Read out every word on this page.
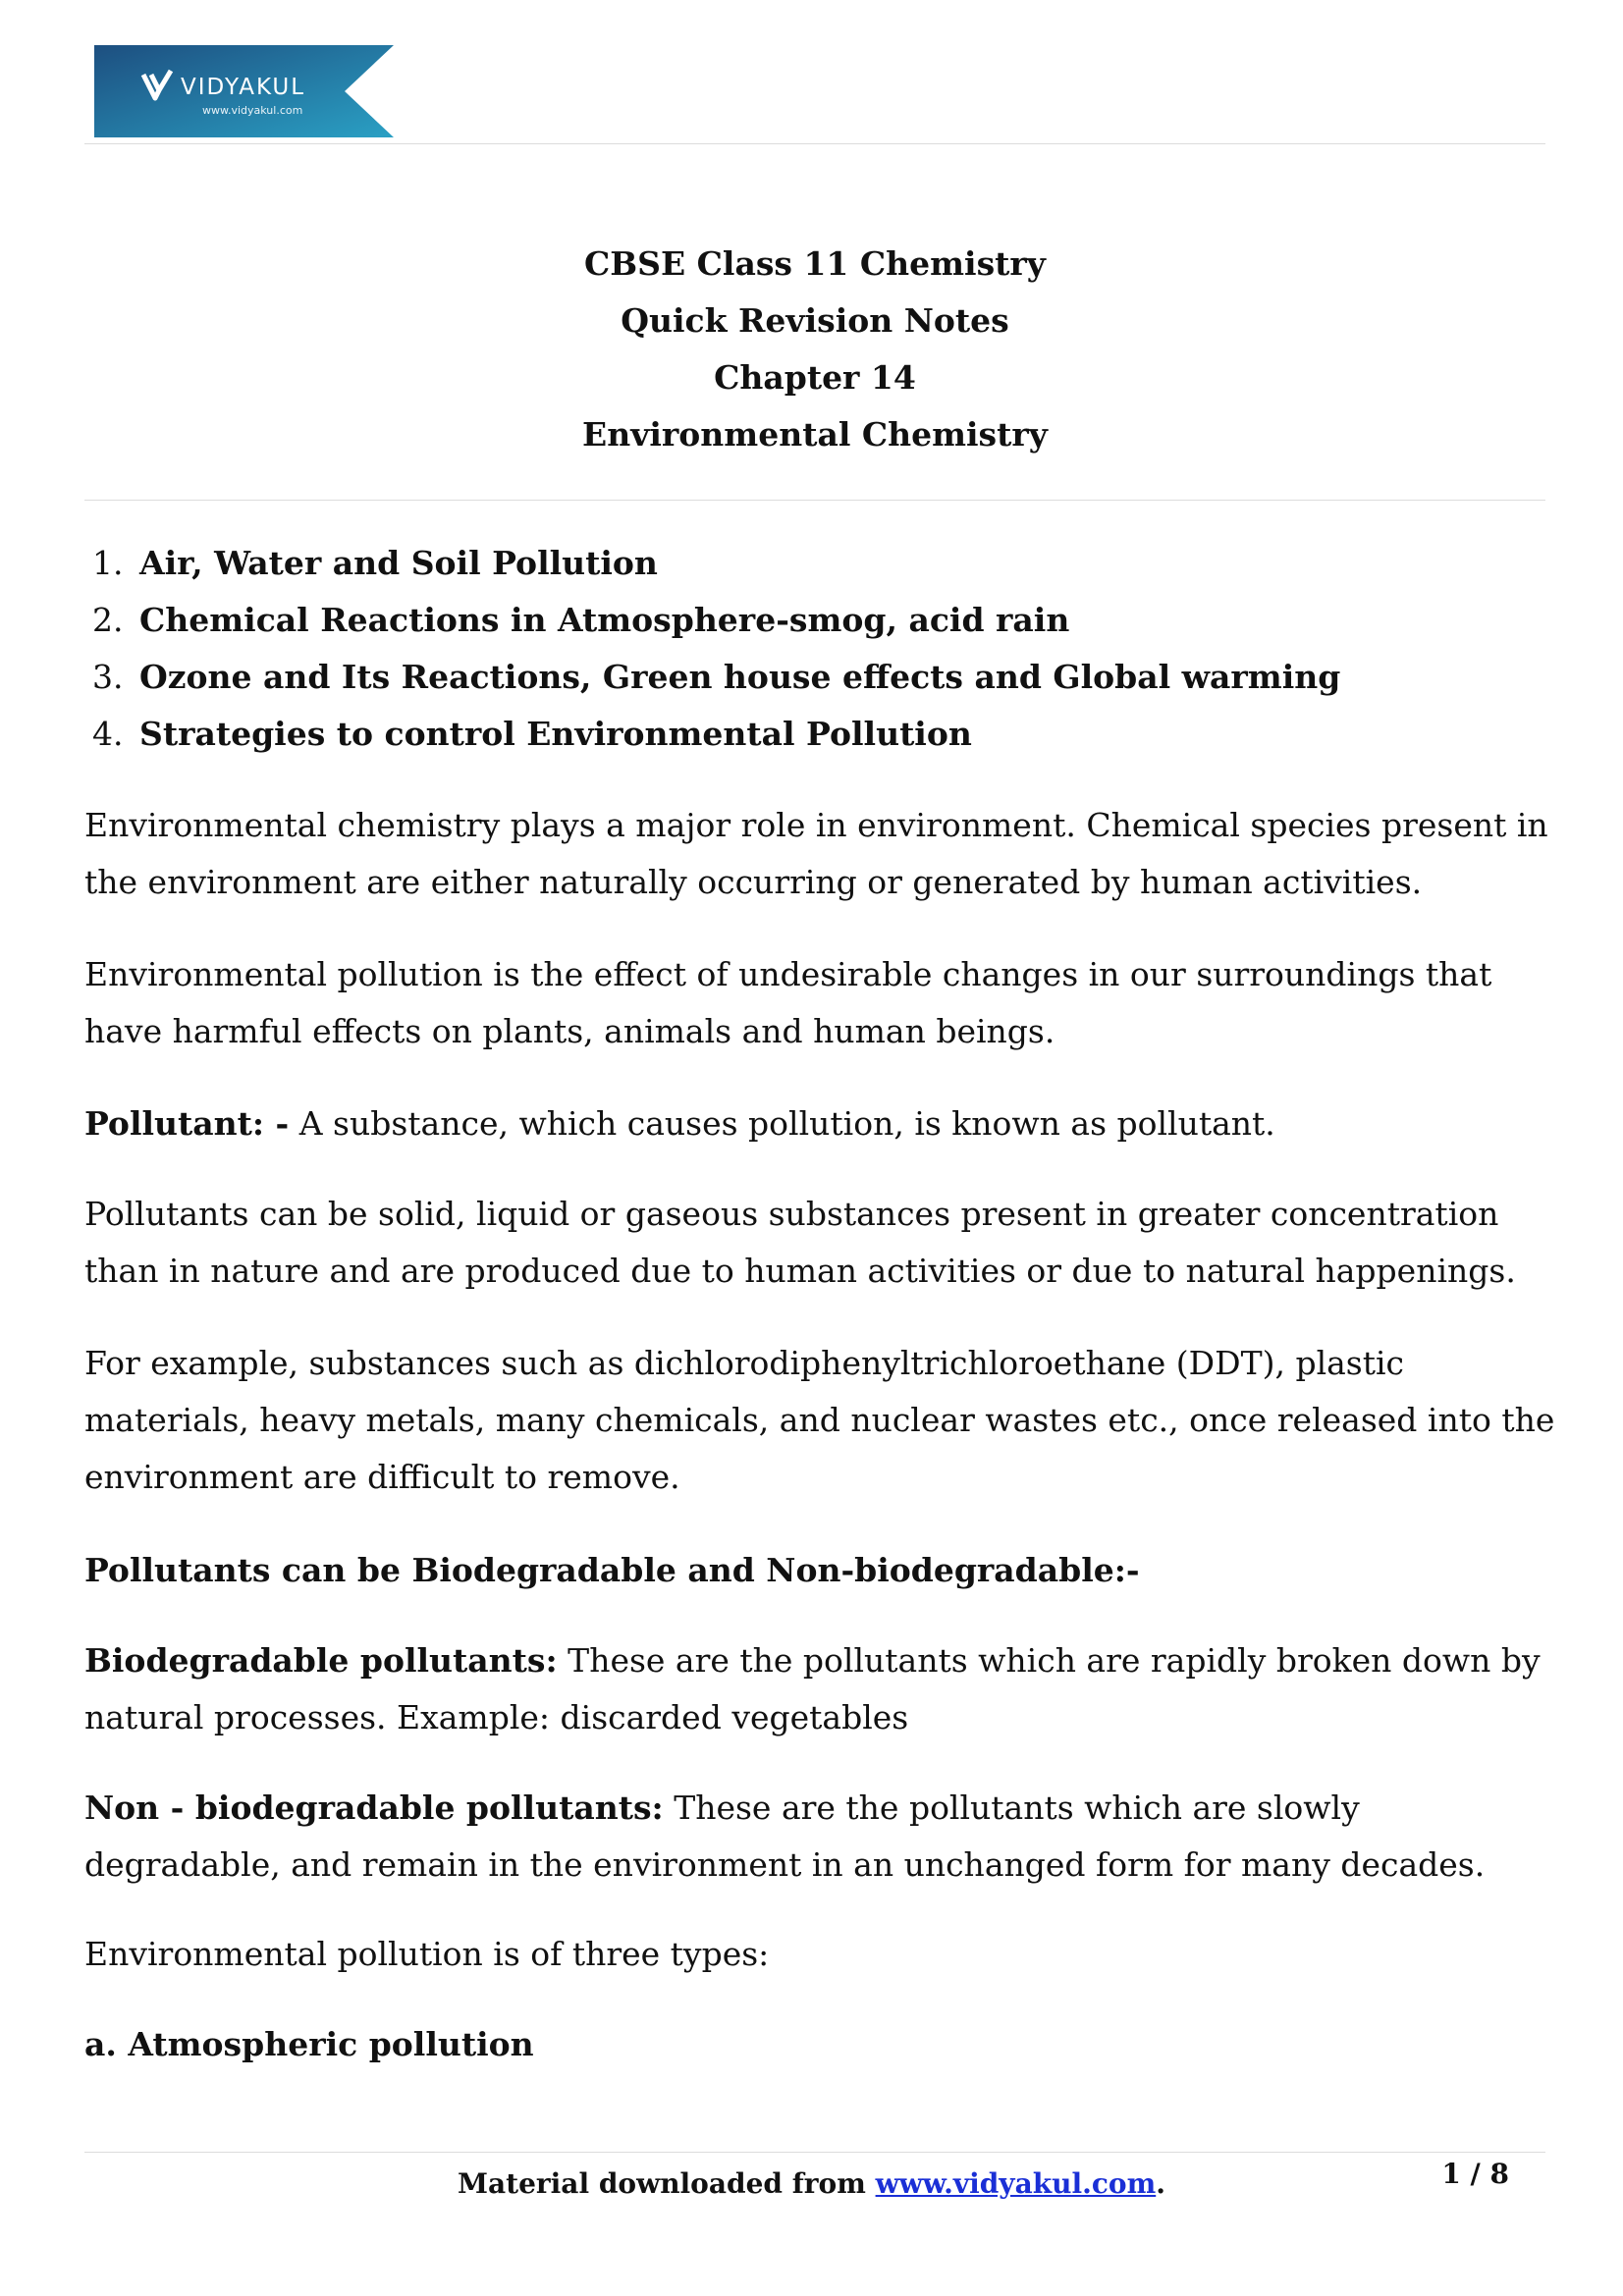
VIDYAKUL
www.vidyakul.com
CBSE Class 11 Chemistry
Quick Revision Notes
Chapter 14
Environmental Chemistry
1. Air, Water and Soil Pollution
2. Chemical Reactions in Atmosphere-smog, acid rain
3. Ozone and Its Reactions, Green house effects and Global warming
4. Strategies to control Environmental Pollution

Environmental chemistry plays a major role in environment. Chemical species present in the environment are either naturally occurring or generated by human activities.

Environmental pollution is the effect of undesirable changes in our surroundings that have harmful effects on plants, animals and human beings.

Pollutant: - A substance, which causes pollution, is known as pollutant.

Pollutants can be solid, liquid or gaseous substances present in greater concentration than in nature and are produced due to human activities or due to natural happenings.

For example, substances such as dichlorodiphenyltrichloroethane (DDT), plastic materials, heavy metals, many chemicals, and nuclear wastes etc., once released into the environment are difficult to remove.

Pollutants can be Biodegradable and Non-biodegradable:-

Biodegradable pollutants: These are the pollutants which are rapidly broken down by natural processes. Example: discarded vegetables

Non - biodegradable pollutants: These are the pollutants which are slowly degradable, and remain in the environment in an unchanged form for many decades.

Environmental pollution is of three types:

a. Atmospheric pollution

Material downloaded from www.vidyakul.com.	1 / 8
